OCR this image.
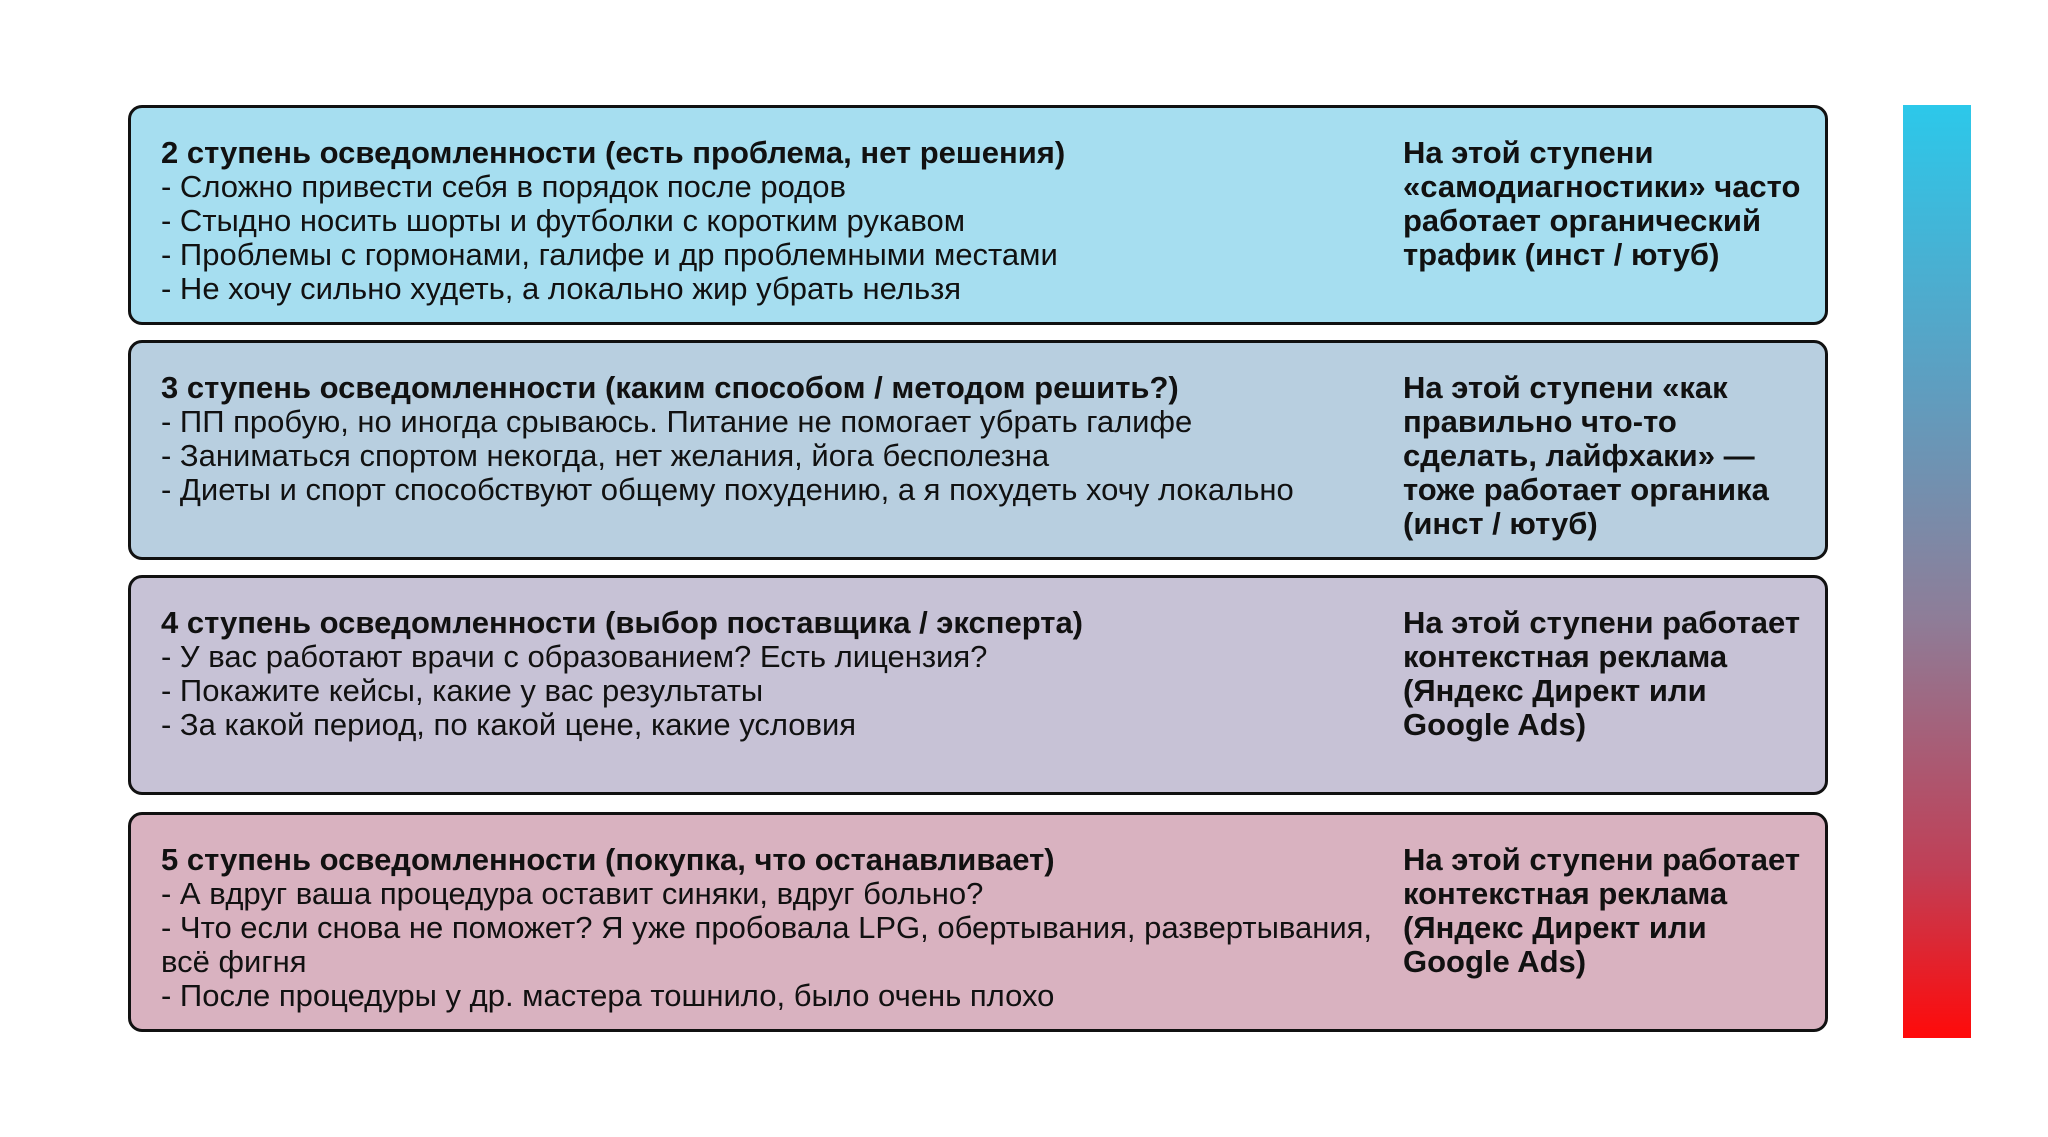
2 ступень осведомленности (есть проблема, нет решения)

- Сложно привести себя в порядок после родов

- Стыдно носить шорты и футболки с коротким рукавом

- Проблемы с гормонами, галифе и др проблемными местами

- Не хочу сильно худеть, а локально жир убрать нельзя

На этой ступени «самодиагностики» часто работает органический трафик (инст / ютуб)

3 ступень осведомленности (каким способом / методом решить?)

- ПП пробую, но иногда срываюсь. Питание не помогает убрать галифе

- Заниматься спортом некогда, нет желания, йога бесполезна

- Диеты и спорт способствуют общему похудению, а я похудеть хочу локально

На этой ступени «как правильно что-то сделать, лайфхаки» — тоже работает органика (инст / ютуб)

4 ступень осведомленности (выбор поставщика / эксперта)

- У вас работают врачи с образованием? Есть лицензия?

- Покажите кейсы, какие у вас результаты

- За какой период, по какой цене, какие условия

На этой ступени работает контекстная реклама (Яндекс Директ или Google Ads)

5 ступень осведомленности (покупка, что останавливает)

- А вдруг ваша процедура оставит синяки, вдруг больно?

- Что если снова не поможет? Я уже пробовала LPG, обертывания, развертывания, всё фигня

- После процедуры у др. мастера тошнило, было очень плохо

На этой ступени работает контекстная реклама (Яндекс Директ или Google Ads)
